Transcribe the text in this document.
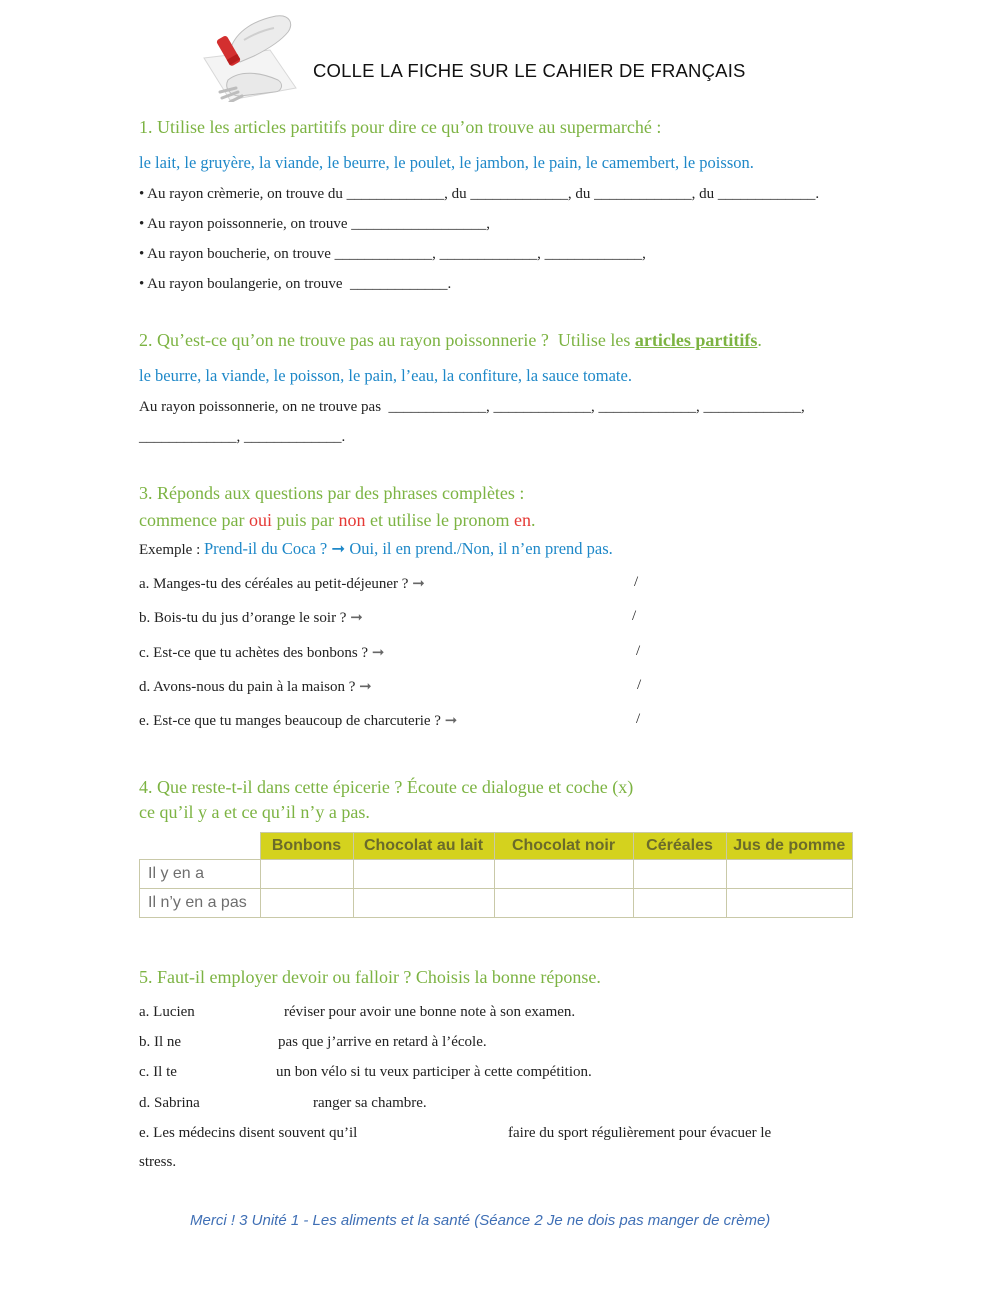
COLLE LA FICHE SUR LE CAHIER DE FRANÇAIS
1. Utilise les articles partitifs pour dire ce qu’on trouve au supermarché :
le lait, le gruyère, la viande, le beurre, le poulet, le jambon, le pain, le camembert, le poisson.
• Au rayon crèmerie, on trouve du _____________, du _____________, du _____________, du _____________.
• Au rayon poissonnerie, on trouve __________________,
• Au rayon boucherie, on trouve _____________, _____________, _____________,
• Au rayon boulangerie, on trouve  _____________.
2. Qu’est-ce qu’on ne trouve pas au rayon poissonnerie ?  Utilise les articles partitifs.
le beurre, la viande, le poisson, le pain, l’eau, la confiture, la sauce tomate.
Au rayon poissonnerie, on ne trouve pas  _____________, _____________, _____________, _____________,
_____________, _____________.
3. Réponds aux questions par des phrases complètes :
commence par oui puis par non et utilise le pronom en.
Exemple : Prend-il du Coca ? ➞ Oui, il en prend./Non, il n’en prend pas.
a. Manges-tu des céréales au petit-déjeuner ? ➞	/
b. Bois-tu du jus d’orange le soir ? ➞	/
c. Est-ce que tu achètes des bonbons ? ➞	/
d. Avons-nous du pain à la maison ? ➞	/
e. Est-ce que tu manges beaucoup de charcuterie ? ➞	/
4. Que reste-t-il dans cette épicerie ? Écoute ce dialogue et coche (x)
ce qu’il y a et ce qu’il n’y a pas.
	Bonbons	Chocolat au lait	Chocolat noir	Céréales	Jus de pomme
Il y en a					
Il n’y en a pas					
5. Faut-il employer devoir ou falloir ? Choisis la bonne réponse.
a. Lucien	réviser pour avoir une bonne note à son examen.
b. Il ne	pas que j’arrive en retard à l’école.
c. Il te	un bon vélo si tu veux participer à cette compétition.
d. Sabrina	ranger sa chambre.
e. Les médecins disent souvent qu’il	faire du sport régulièrement pour évacuer le
stress.
Merci ! 3 Unité 1 - Les aliments et la santé (Séance 2 Je ne dois pas manger de crème)
